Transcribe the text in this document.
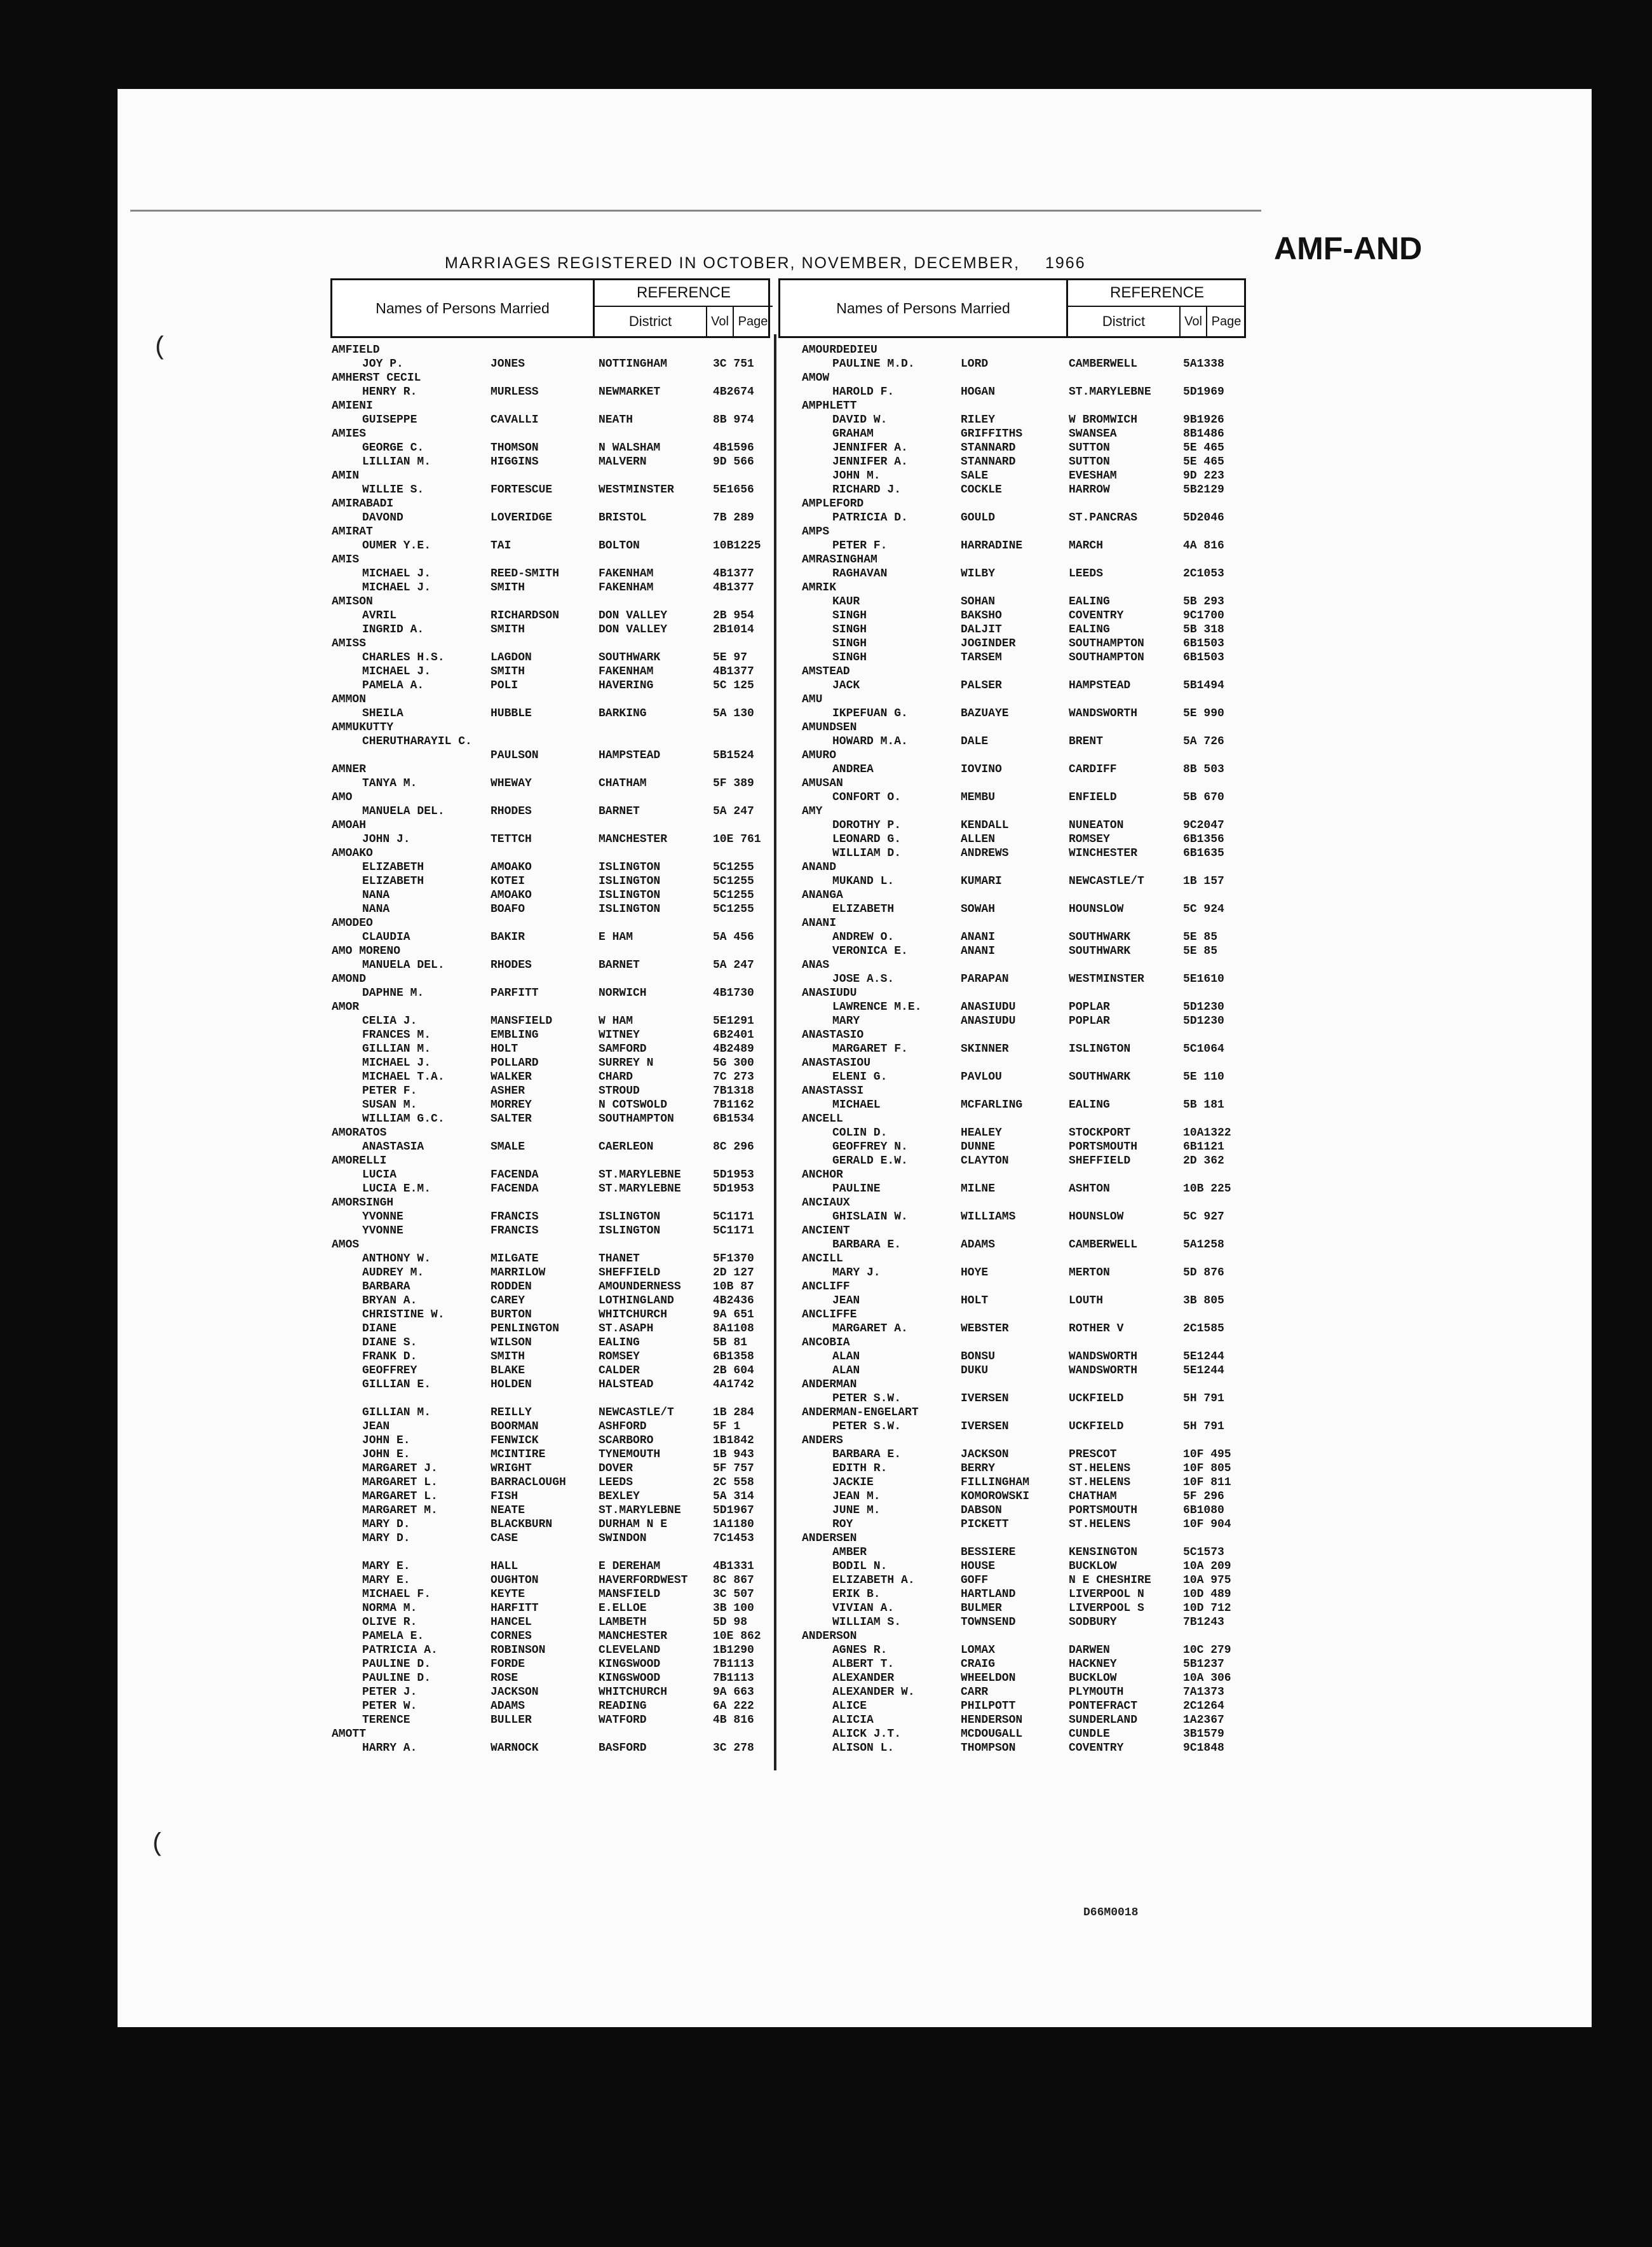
MARRIAGES REGISTERED IN OCTOBER, NOVEMBER, DECEMBER, 1966	AMF-AND
Names of Persons Married
REFERENCE
District	Vol Page
Names of Persons Married
REFERENCE
District	Vol Page
AMFIELD
JOY P.	JONES	NOTTINGHAM	3C 751
AMHERST CECIL
HENRY R.	MURLESS	NEWMARKET	4B2674
AMIENI
GUISEPPE	CAVALLI	NEATH	8B 974
AMIES
GEORGE C.	THOMSON	N WALSHAM	4B1596
LILLIAN M.	HIGGINS	MALVERN	9D 566
AMIN
WILLIE S.	FORTESCUE	WESTMINSTER	5E1656
AMIRABADI
DAVOND	LOVERIDGE	BRISTOL	7B 289
AMIRAT
OUMER Y.E.	TAI	BOLTON	10B1225
AMIS
MICHAEL J.	REED-SMITH	FAKENHAM	4B1377
MICHAEL J.	SMITH	FAKENHAM	4B1377
AMISON
AVRIL	RICHARDSON	DON VALLEY	2B 954
INGRID A.	SMITH	DON VALLEY	2B1014
AMISS
CHARLES H.S.	LAGDON	SOUTHWARK	5E 97
MICHAEL J.	SMITH	FAKENHAM	4B1377
PAMELA A.	POLI	HAVERING	5C 125
AMMON
SHEILA	HUBBLE	BARKING	5A 130
AMMUKUTTY
CHERUTHARAYIL C.
PAULSON	HAMPSTEAD	5B1524
AMNER
TANYA M.	WHEWAY	CHATHAM	5F 389
AMO
MANUELA DEL.	RHODES	BARNET	5A 247
AMOAH
JOHN J.	TETTCH	MANCHESTER	10E 761
AMOAKO
ELIZABETH	AMOAKO	ISLINGTON	5C1255
ELIZABETH	KOTEI	ISLINGTON	5C1255
NANA	AMOAKO	ISLINGTON	5C1255
NANA	BOAFO	ISLINGTON	5C1255
AMODEO
CLAUDIA	BAKIR	E HAM	5A 456
AMO MORENO
MANUELA DEL.	RHODES	BARNET	5A 247
AMOND
DAPHNE M.	PARFITT	NORWICH	4B1730
AMOR
CELIA J.	MANSFIELD	W HAM	5E1291
FRANCES M.	EMBLING	WITNEY	6B2401
GILLIAN M.	HOLT	SAMFORD	4B2489
MICHAEL J.	POLLARD	SURREY N	5G 300
MICHAEL T.A.	WALKER	CHARD	7C 273
PETER F.	ASHER	STROUD	7B1318
SUSAN M.	MORREY	N COTSWOLD	7B1162
WILLIAM G.C.	SALTER	SOUTHAMPTON	6B1534
AMORATOS
ANASTASIA	SMALE	CAERLEON	8C 296
AMORELLI
LUCIA	FACENDA	ST.MARYLEBNE	5D1953
LUCIA E.M.	FACENDA	ST.MARYLEBNE	5D1953
AMORSINGH
YVONNE	FRANCIS	ISLINGTON	5C1171
YVONNE	FRANCIS	ISLINGTON	5C1171
AMOS
ANTHONY W.	MILGATE	THANET	5F1370
AUDREY M.	MARRILOW	SHEFFIELD	2D 127
BARBARA	RODDEN	AMOUNDERNESS	10B 87
BRYAN A.	CAREY	LOTHINGLAND	4B2436
CHRISTINE W.	BURTON	WHITCHURCH	9A 651
DIANE	PENLINGTON	ST.ASAPH	8A1108
DIANE S.	WILSON	EALING	5B 81
FRANK D.	SMITH	ROMSEY	6B1358
GEOFFREY	BLAKE	CALDER	2B 604
GILLIAN E.	HOLDEN	HALSTEAD	4A1742
GILLIAN M.	REILLY	NEWCASTLE/T	1B 284
JEAN	BOORMAN	ASHFORD	5F 1
JOHN E.	FENWICK	SCARBORO	1B1842
JOHN E.	MCINTIRE	TYNEMOUTH	1B 943
MARGARET J.	WRIGHT	DOVER	5F 757
MARGARET L.	BARRACLOUGH	LEEDS	2C 558
MARGARET L.	FISH	BEXLEY	5A 314
MARGARET M.	NEATE	ST.MARYLEBNE	5D1967
MARY D.	BLACKBURN	DURHAM N E	1A1180
MARY D.	CASE	SWINDON	7C1453
MARY E.	HALL	E DEREHAM	4B1331
MARY E.	OUGHTON	HAVERFORDWEST 8C 867
MICHAEL F.	KEYTE	MANSFIELD	3C 507
NORMA M.	HARFITT	E.ELLOE	3B 100
OLIVE R.	HANCEL	LAMBETH	5D 98
PAMELA E.	CORNES	MANCHESTER	10E 862
PATRICIA A.	ROBINSON	CLEVELAND	1B1290
PAULINE D.	FORDE	KINGSWOOD	7B1113
PAULINE D.	ROSE	KINGSWOOD	7B1113
PETER J.	JACKSON	WHITCHURCH	9A 663
PETER W.	ADAMS	READING	6A 222
TERENCE	BULLER	WATFORD	4B 816
AMOTT
HARRY A.	WARNOCK	BASFORD	3C 278
AMOURDEDIEU
PAULINE M.D.	LORD	CAMBERWELL	5A1338
AMOW
HAROLD F.	HOGAN	ST.MARYLEBNE	5D1969
AMPHLETT
DAVID W.	RILEY	W BROMWICH	9B1926
GRAHAM	GRIFFITHS	SWANSEA	8B1486
JENNIFER A.	STANNARD	SUTTON	5E 465
JENNIFER A.	STANNARD	SUTTON	5E 465
JOHN M.	SALE	EVESHAM	9D 223
RICHARD J.	COCKLE	HARROW	5B2129
AMPLEFORD
PATRICIA D.	GOULD	ST.PANCRAS	5D2046
AMPS
PETER F.	HARRADINE	MARCH	4A 816
AMRASINGHAM
RAGHAVAN	WILBY	LEEDS	2C1053
AMRIK
KAUR	SOHAN	EALING	5B 293
SINGH	BAKSHO	COVENTRY	9C1700
SINGH	DALJIT	EALING	5B 318
SINGH	JOGINDER	SOUTHAMPTON	6B1503
SINGH	TARSEM	SOUTHAMPTON	6B1503
AMSTEAD
JACK	PALSER	HAMPSTEAD	5B1494
AMU
IKPEFUAN G.	BAZUAYE	WANDSWORTH	5E 990
AMUNDSEN
HOWARD M.A.	DALE	BRENT	5A 726
AMURO
ANDREA	IOVINO	CARDIFF	8B 503
AMUSAN
CONFORT O.	MEMBU	ENFIELD	5B 670
AMY
DOROTHY P.	KENDALL	NUNEATON	9C2047
LEONARD G.	ALLEN	ROMSEY	6B1356
WILLIAM D.	ANDREWS	WINCHESTER	6B1635
ANAND
MUKAND L.	KUMARI	NEWCASTLE/T	1B 157
ANANGA
ELIZABETH	SOWAH	HOUNSLOW	5C 924
ANANI
ANDREW O.	ANANI	SOUTHWARK	5E 85
VERONICA E.	ANANI	SOUTHWARK	5E 85
ANAS
JOSE A.S.	PARAPAN	WESTMINSTER	5E1610
ANASIUDU
LAWRENCE M.E.	ANASIUDU	POPLAR	5D1230
MARY	ANASIUDU	POPLAR	5D1230
ANASTASIO
MARGARET F.	SKINNER	ISLINGTON	5C1064
ANASTASIOU
ELENI G.	PAVLOU	SOUTHWARK	5E 110
ANASTASSI
MICHAEL	MCFARLING	EALING	5B 181
ANCELL
COLIN D.	HEALEY	STOCKPORT	10A1322
GEOFFREY N.	DUNNE	PORTSMOUTH	6B1121
GERALD E.W.	CLAYTON	SHEFFIELD	2D 362
ANCHOR
PAULINE	MILNE	ASHTON	10B 225
ANCIAUX
GHISLAIN W.	WILLIAMS	HOUNSLOW	5C 927
ANCIENT
BARBARA E.	ADAMS	CAMBERWELL	5A1258
ANCILL
MARY J.	HOYE	MERTON	5D 876
ANCLIFF
JEAN	HOLT	LOUTH	3B 805
ANCLIFFE
MARGARET A.	WEBSTER	ROTHER V	2C1585
ANCOBIA
ALAN	BONSU	WANDSWORTH	5E1244
ALAN	DUKU	WANDSWORTH	5E1244
ANDERMAN
PETER S.W.	IVERSEN	UCKFIELD	5H 791
ANDERMAN-ENGELART
PETER S.W.	IVERSEN	UCKFIELD	5H 791
ANDERS
BARBARA E.	JACKSON	PRESCOT	10F 495
EDITH R.	BERRY	ST.HELENS	10F 805
JACKIE	FILLINGHAM	ST.HELENS	10F 811
JEAN M.	KOMOROWSKI	CHATHAM	5F 296
JUNE M.	DABSON	PORTSMOUTH	6B1080
ROY	PICKETT	ST.HELENS	10F 904
ANDERSEN
AMBER	BESSIERE	KENSINGTON	5C1573
BODIL N.	HOUSE	BUCKLOW	10A 209
ELIZABETH A.	GOFF	N E CHESHIRE	10A 975
ERIK B.	HARTLAND	LIVERPOOL N	10D 489
VIVIAN A.	BULMER	LIVERPOOL S	10D 712
WILLIAM S.	TOWNSEND	SODBURY	7B1243
ANDERSON
AGNES R.	LOMAX	DARWEN	10C 279
ALBERT T.	CRAIG	HACKNEY	5B1237
ALEXANDER	WHEELDON	BUCKLOW	10A 306
ALEXANDER W.	CARR	PLYMOUTH	7A1373
ALICE	PHILPOTT	PONTEFRACT	2C1264
ALICIA	HENDERSON	SUNDERLAND	1A2367
ALICK J.T.	MCDOUGALL	CUNDLE	3B1579
ALISON L.	THOMPSON	COVENTRY	9C1848
D66M0018
(
(
